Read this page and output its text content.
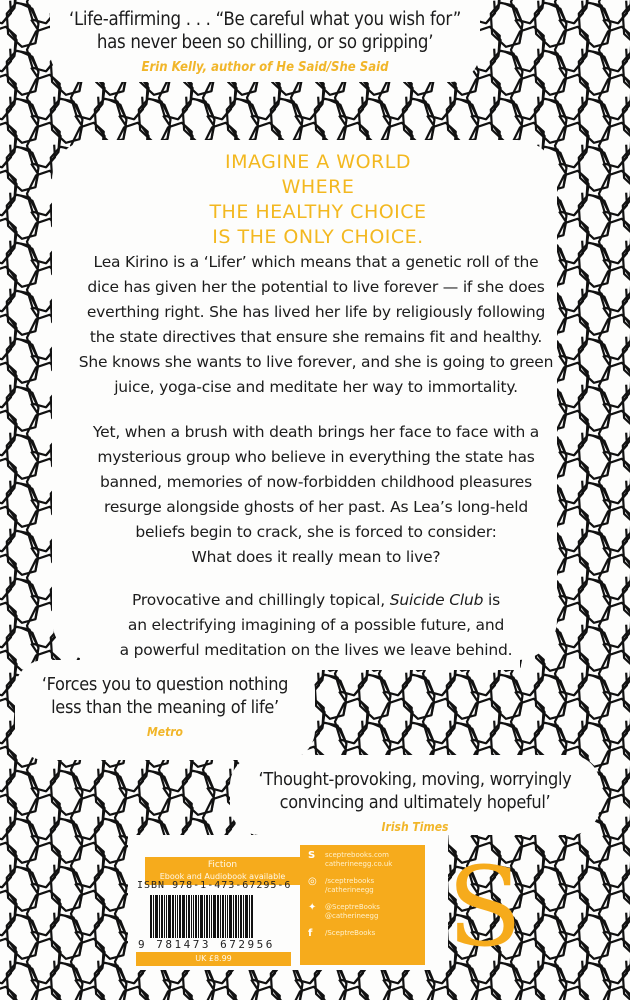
‘Life-affirming . . . “Be careful what you wish for”
has never been so chilling, or so gripping’
Erin Kelly, author of He Said/She Said
IMAGINE A WORLD WHERE
THE HEALTHY CHOICE
IS THE ONLY CHOICE.
Lea Kirino is a ‘Lifer’ which means that a genetic roll of the
dice has given her the potential to live forever — if she does
everthing right. She has lived her life by religiously following
the state directives that ensure she remains fit and healthy.
She knows she wants to live forever, and she is going to green
juice, yoga-cise and meditate her way to immortality.
Yet, when a brush with death brings her face to face with a
mysterious group who believe in everything the state has
banned, memories of now-forbidden childhood pleasures
resurge alongside ghosts of her past. As Lea’s long-held
beliefs begin to crack, she is forced to consider:
What does it really mean to live?
Provocative and chillingly topical, Suicide Club is
an electrifying imagining of a possible future, and
a powerful meditation on the lives we leave behind.
‘Forces you to question nothing
less than the meaning of life’
Metro
‘Thought-provoking, moving, worryingly
convincing and ultimately hopeful’
Irish Times
Fiction
Ebook and Audiobook available
ISBN 978-1-473-67295-6
9 781473 672956
UK £8.99
S	sceptrebooks.com
catherineegg.co.uk
◎	/sceptrebooks
/catherineegg
✦	@SceptreBooks
@catherineegg
f	/SceptreBooks S
